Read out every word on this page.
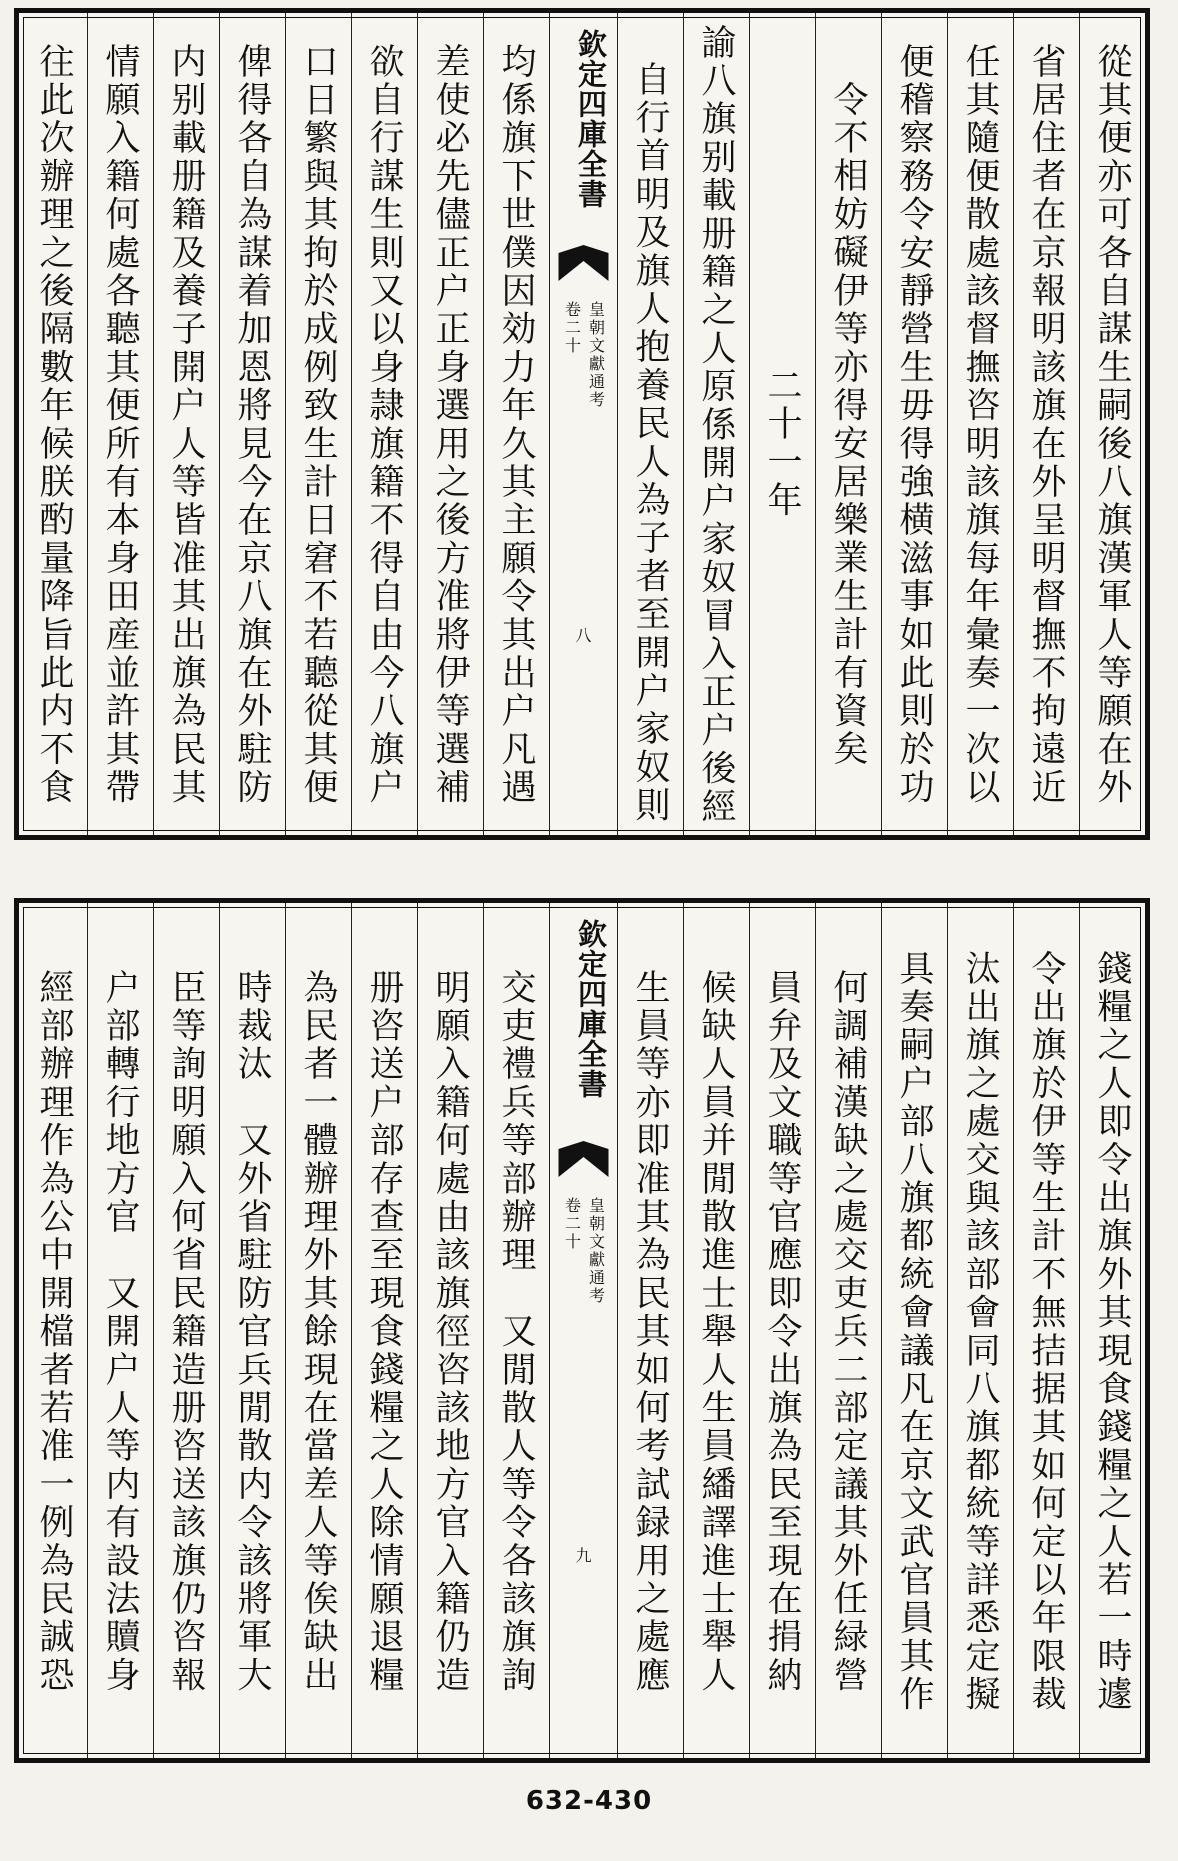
從其便亦可各自謀生嗣後八旗漢軍人等願在外
省居住者在京報明該旗在外呈明督撫不拘遠近
任其隨便散處該督撫咨明該旗每年彙奏一次以
便稽察務令安靜營生毋得強横滋事如此則於功
令不相妨礙伊等亦得安居樂業生計有資矣
二十一年
諭八旗别載册籍之人原係開户家奴冒入正户後經
自行首明及旗人抱養民人為子者至開户家奴則
欽定四庫全書
皇朝文獻通考
卷二十
八
均係旗下世僕因効力年久其主願令其出户凡遇
差使必先儘正户正身選用之後方准將伊等選補
欲自行謀生則又以身隷旗籍不得自由今八旗户
口日繁與其拘於成例致生計日窘不若聽從其便
俾得各自為謀着加恩將見今在京八旗在外駐防
内别載册籍及養子開户人等皆准其出旗為民其
情願入籍何處各聽其便所有本身田産並許其帶
往此次辦理之後隔數年候朕酌量降旨此内不食
錢糧之人即令出旗外其現食錢糧之人若一時遽
令出旗於伊等生計不無拮据其如何定以年限裁
汰出旗之處交與該部會同八旗都統等詳悉定擬
具奏嗣户部八旗都統會議凡在京文武官員其作
何調補漢缺之處交吏兵二部定議其外任緑營
員弁及文職等官應即令出旗為民至現在捐納
候缺人員并閒散進士舉人生員繙譯進士舉人
生員等亦即准其為民其如何考試録用之處應
欽定四庫全書
皇朝文獻通考
卷二十
九
交吏禮兵等部辦理　又閒散人等令各該旗詢
明願入籍何處由該旗徑咨該地方官入籍仍造
册咨送户部存查至現食錢糧之人除情願退糧
為民者一體辦理外其餘現在當差人等俟缺出
時裁汰　又外省駐防官兵閒散内令該將軍大
臣等詢明願入何省民籍造册咨送該旗仍咨報
户部轉行地方官　又開户人等内有設法贖身
經部辦理作為公中開檔者若准一例為民誠恐
632-430
